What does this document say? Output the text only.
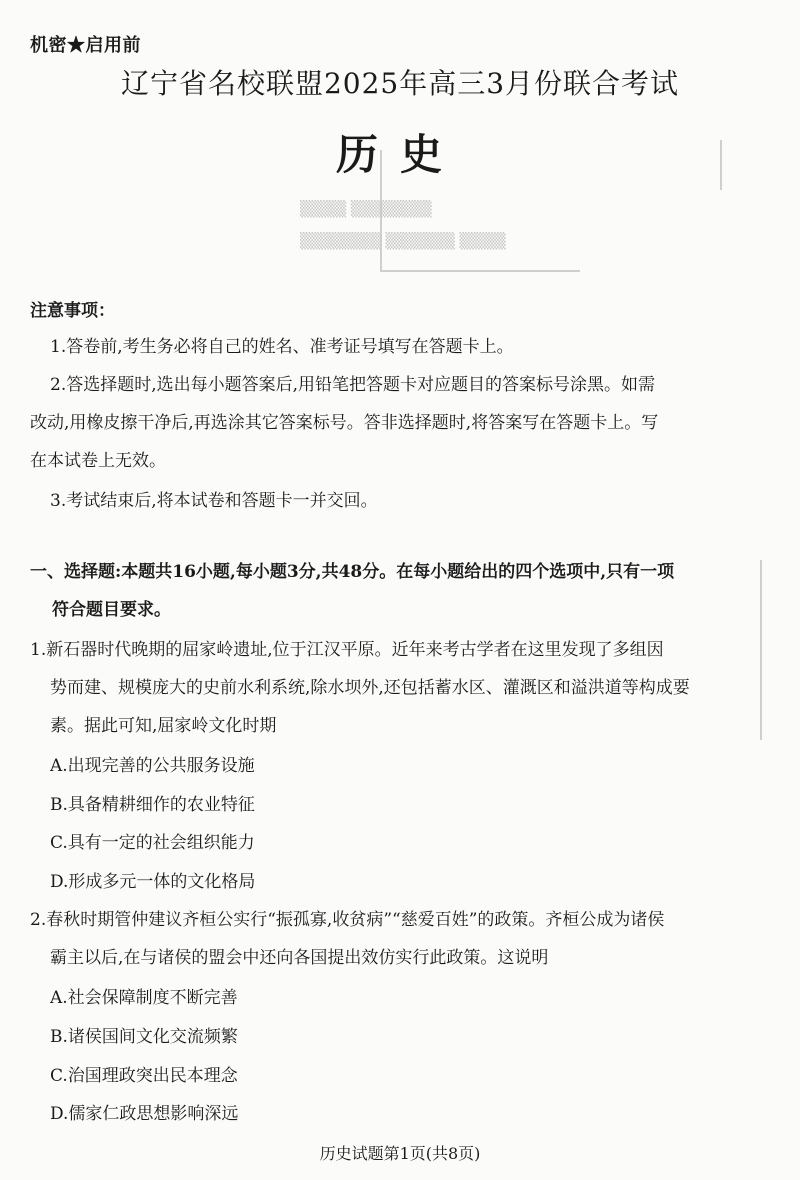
▒▒▒▒ ▒▒▒▒▒▒▒
▒▒▒▒▒▒▒ ▒▒▒▒▒▒ ▒▒▒▒
机密★启用前
辽宁省名校联盟2025年高三3月份联合考试
历史
注意事项：
1.答卷前,考生务必将自己的姓名、准考证号填写在答题卡上。
2.答选择题时,选出每小题答案后,用铅笔把答题卡对应题目的答案标号涂黑。如需
改动,用橡皮擦干净后,再选涂其它答案标号。答非选择题时,将答案写在答题卡上。写
在本试卷上无效。
3.考试结束后,将本试卷和答题卡一并交回。
一、选择题:本题共16小题,每小题3分,共48分。在每小题给出的四个选项中,只有一项
符合题目要求。
1.新石器时代晚期的屈家岭遗址,位于江汉平原。近年来考古学者在这里发现了多组因
势而建、规模庞大的史前水利系统,除水坝外,还包括蓄水区、灌溉区和溢洪道等构成要
素。据此可知,屈家岭文化时期
A.出现完善的公共服务设施
B.具备精耕细作的农业特征
C.具有一定的社会组织能力
D.形成多元一体的文化格局
2.春秋时期管仲建议齐桓公实行“振孤寡,收贫病”“慈爱百姓”的政策。齐桓公成为诸侯
霸主以后,在与诸侯的盟会中还向各国提出效仿实行此政策。这说明
A.社会保障制度不断完善
B.诸侯国间文化交流频繁
C.治国理政突出民本理念
D.儒家仁政思想影响深远
历史试题第1页(共8页)
